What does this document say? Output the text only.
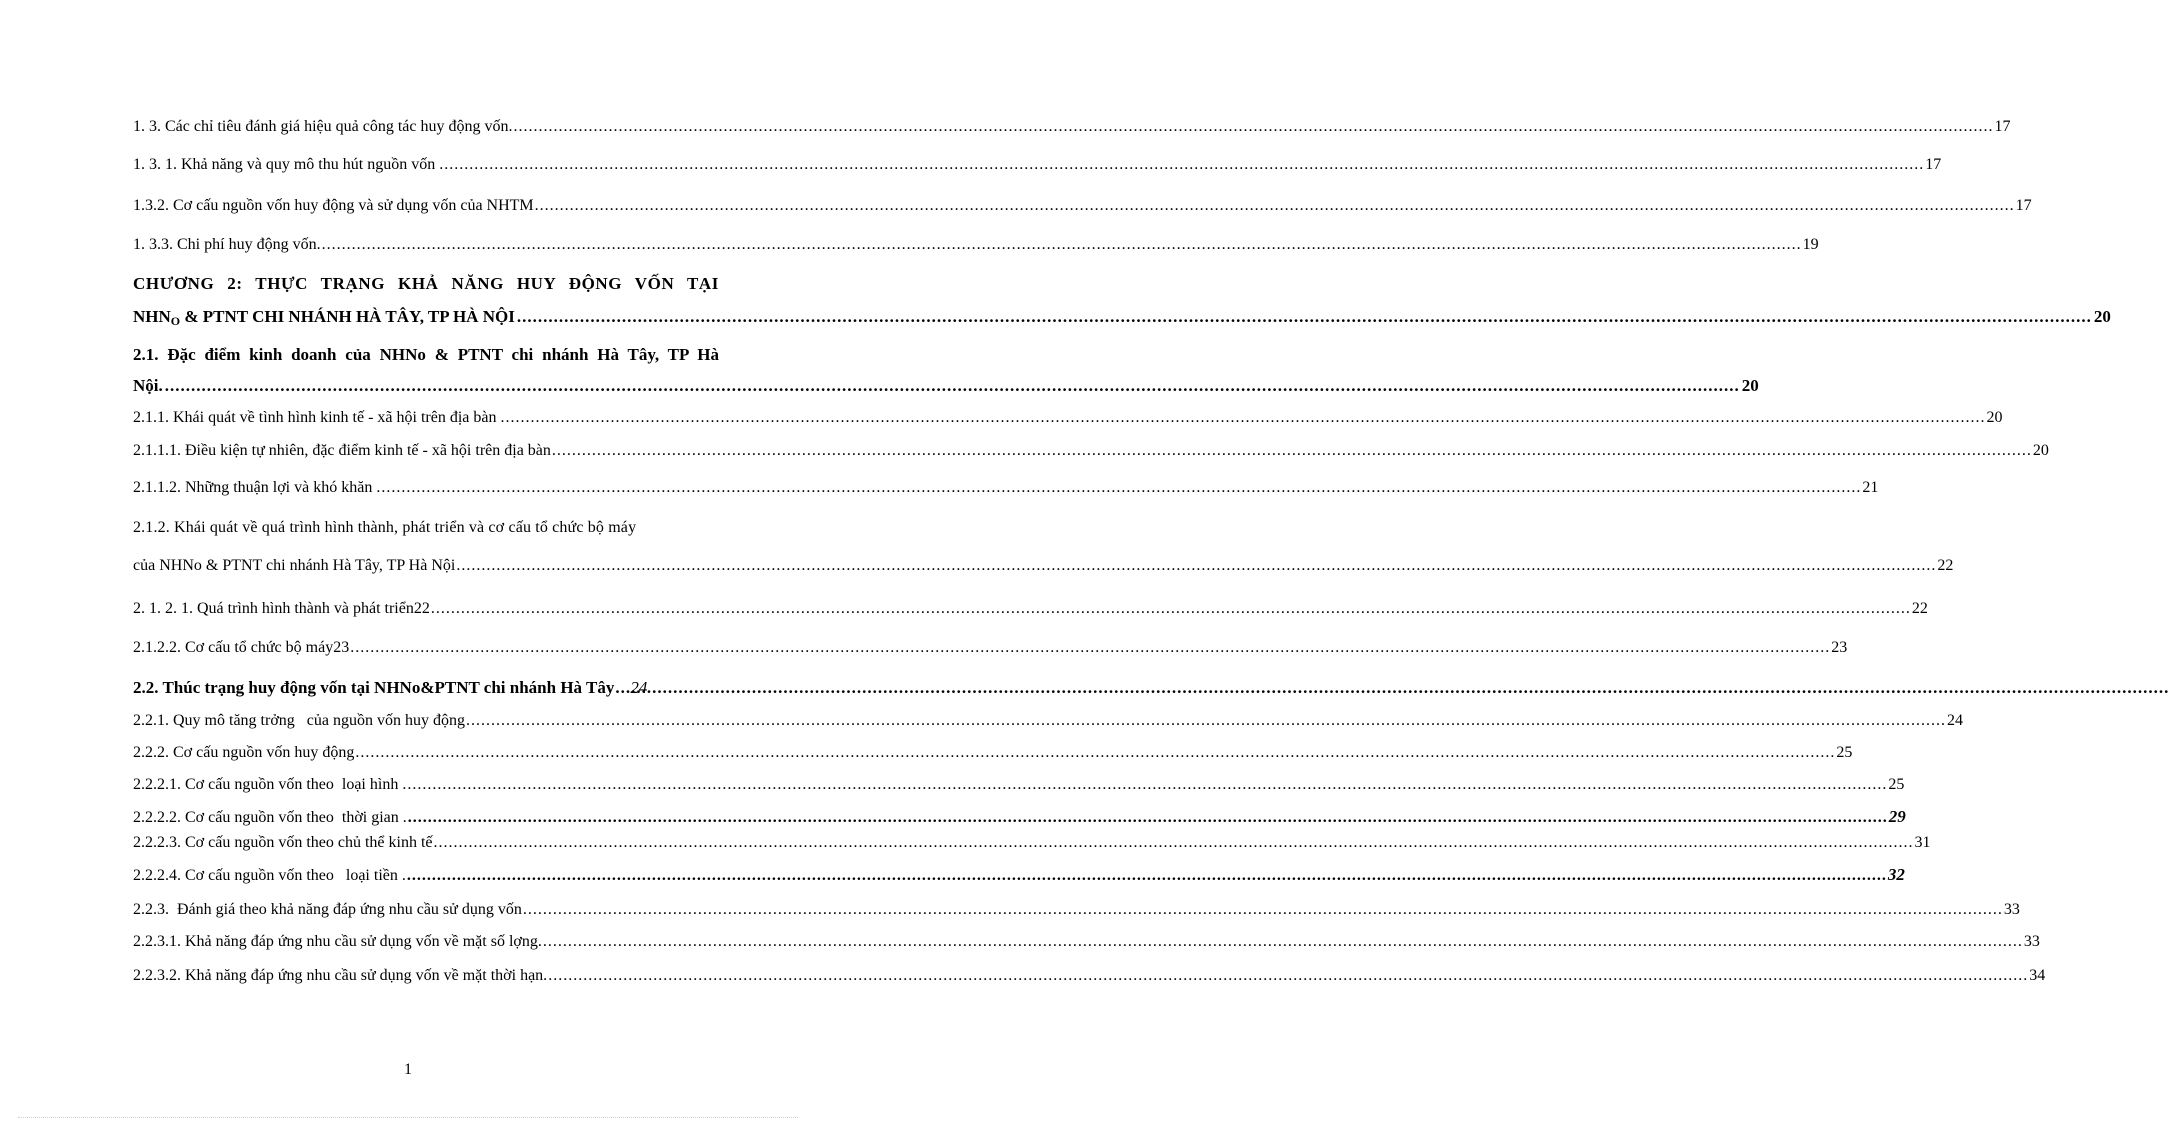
1. 3. Các chỉ tiêu đánh giá hiệu quả công tác huy động vốn. .....	17
1. 3. 1. Khả năng và quy mô thu hút nguồn vốn . .....	17
1.3.2. Cơ cấu nguồn vốn huy động và sử dụng vốn của NHTM .....	17
1. 3.3. Chi phí huy động vốn. .....	19
CHƯƠNG 2: THỰC TRẠNG KHẢ NĂNG HUY ĐỘNG VỐN TẠI
$NHN_O$ & PTNT CHI NHÁNH HÀ TÂY, TP HÀ NỘI ............................................................................................................................................................................................................................................................................................................ 20
2.1. Đặc điểm kinh doanh của NHNo & PTNT chi nhánh Hà Tây, TP Hà
Nội. ............................................................................................................................................................................................................................................................................................................ 20
2.1.1. Khái quát về tình hình kinh tế - xã hội trên địa bàn . .....	20
2.1.1.1. Điều kiện tự nhiên, đặc điểm kinh tế - xã hội trên địa bàn .....	20
2.1.1.2. Những thuận lợi và khó khăn . .....	21
2.1.2. Khái quát về quá trình hình thành, phát triển và cơ cấu tổ chức bộ máy
của NHNo & PTNT chi nhánh Hà Tây, TP Hà Nội .....	22
2. 1. 2. 1. Quá trình hình thành và phát triển22 .....	22
2.1.2.2. Cơ cấu tổ chức bộ máy23 .....	23
2.2. Thúc trạng huy động vốn tại NHNo&PTNT chi nhánh Hà Tây ..... 24
2.2.1. Quy mô tăng trởng   của nguồn vốn huy động .....	24
2.2.2. Cơ cấu nguồn vốn huy động .....	25
2.2.2.1. Cơ cấu nguồn vốn theo  loại hình . .....	25
2.2.2.2. Cơ cấu nguồn vốn theo  thời gian . .....	29
2.2.2.3. Cơ cấu nguồn vốn theo chủ thể kinh tế .....	31
2.2.2.4. Cơ cấu nguồn vốn theo   loại tiền . .....	32
2.2.3.  Đánh giá theo khả năng đáp ứng nhu cầu sử dụng vốn .....	33
2.2.3.1. Khả năng đáp ứng nhu cầu sử dụng vốn về mặt số lợng. .....	33
2.2.3.2. Khả năng đáp ứng nhu cầu sử dụng vốn về mặt thời hạn. .....	34
1
